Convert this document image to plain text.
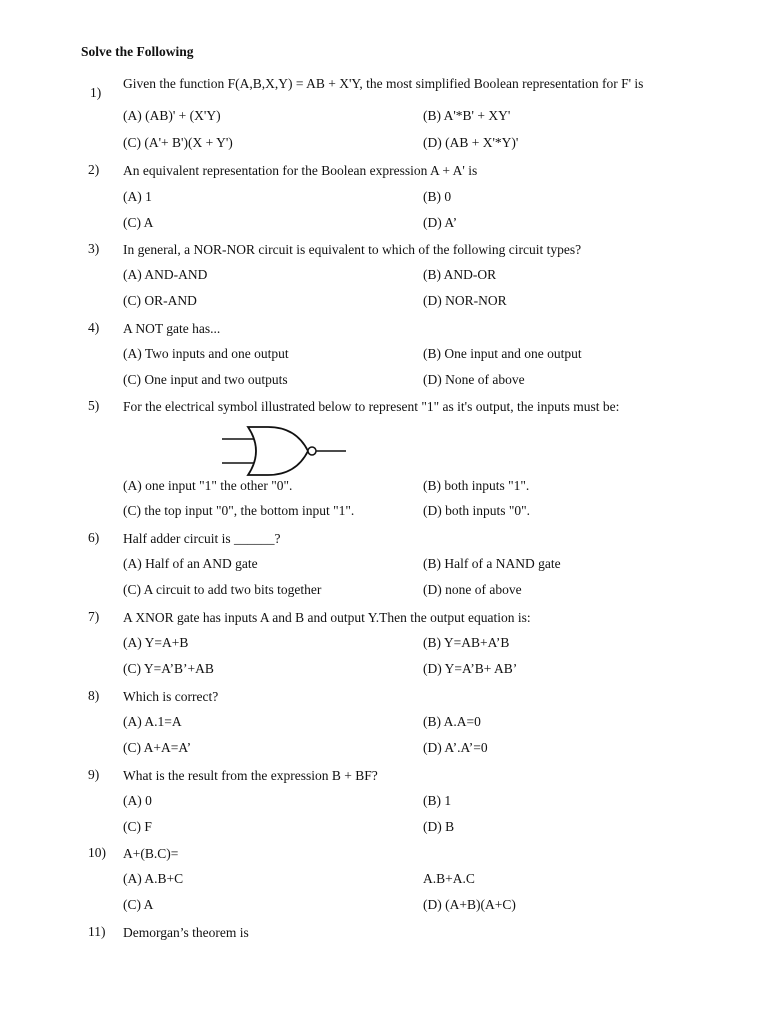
Solve the Following
1)
Given the function F(A,B,X,Y) = AB + X'Y, the most simplified Boolean representation for F' is
(A) (AB)' + (X'Y)	(B) A'*B' + XY'
(C) (A'+ B')(X + Y')	(D) (AB + X'*Y)'
2) An equivalent representation for the Boolean expression A + A' is
(A) 1	(B) 0
(C) A	(D) A’
3) In general, a NOR-NOR circuit is equivalent to which of the following circuit types?
(A) AND-AND	(B) AND-OR
(C) OR-AND	(D) NOR-NOR
4) A NOT gate has...
(A) Two inputs and one output	(B) One input and one output
(C) One input and two outputs	(D) None of above
5) For the electrical symbol illustrated below to represent "1" as it's output, the inputs must be:
(A) one input "1" the other "0".	(B) both inputs "1".
(C) the top input "0", the bottom input "1".	(D) both inputs "0".
6) Half adder circuit is ______?
(A) Half of an AND gate	(B) Half of a NAND gate
(C) A circuit to add two bits together	(D) none of above
7) A XNOR gate has inputs A and B and output Y.Then the output equation is:
(A) Y=A+B	(B) Y=AB+A’B
(C) Y=A’B’+AB	(D) Y=A’B+ AB’
8) Which is correct?
(A) A.1=A	(B) A.A=0
(C) A+A=A’	(D) A’.A’=0
9) What is the result from the expression B + BF?
(A) 0	(B) 1
(C) F	(D) B
10) A+(B.C)=
(A) A.B+C	A.B+A.C
(C) A	(D) (A+B)(A+C)
11) Demorgan’s theorem is
